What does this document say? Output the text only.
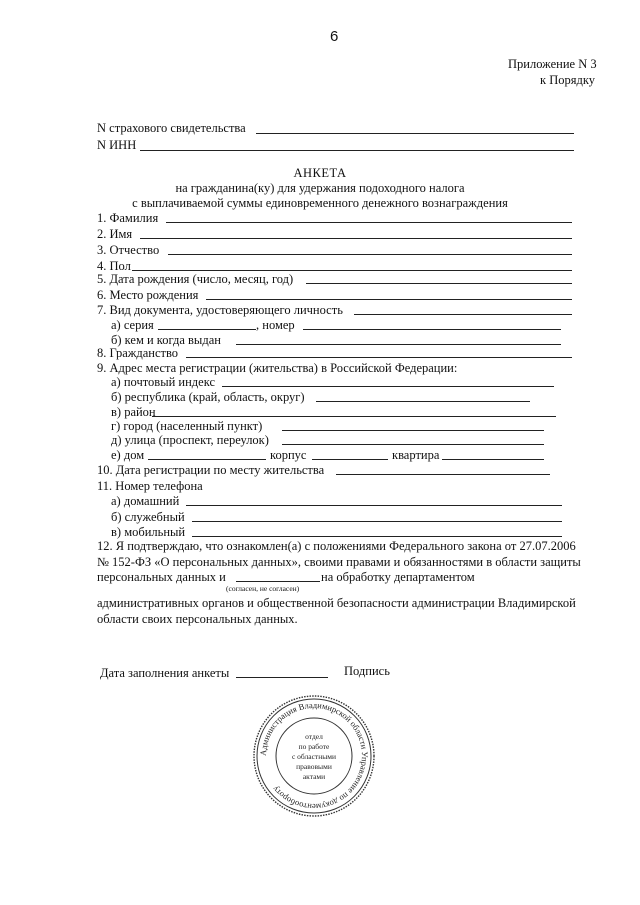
6
Приложение N 3
к Порядку
N страхового свидетельства
N ИНН
АНКЕТА
на гражданина(ку) для удержания подоходного налога
с выплачиваемой суммы единовременного денежного вознаграждения
1. Фамилия
2. Имя
3. Отчество
4. Пол
5. Дата рождения (число, месяц, год)
6. Место рождения
7. Вид документа, удостоверяющего личность
а) серия	, номер
б) кем и когда выдан
8. Гражданство
9. Адрес места регистрации (жительства) в Российской Федерации:
а) почтовый индекс
б) республика (край, область, округ)
в) район
г) город (населенный пункт)
д) улица (проспект, переулок)
е) дом	корпус	квартира
10. Дата регистрации по месту жительства
11. Номер телефона
а) домашний
б) служебный
в) мобильный
12. Я подтверждаю, что ознакомлен(а) с положениями Федерального закона от 27.07.2006
№ 152-ФЗ «О персональных данных», своими правами и обязанностями в области защиты
персональных данных и	на обработку департаментом
(согласен, не согласен)
административных органов и общественной безопасности администрации Владимирской
области своих персональных данных.
Дата заполнения анкеты	Подпись
Администрация Владимирской области Управление по документообороту
отдел
по работе
с областными
правовыми
актами
